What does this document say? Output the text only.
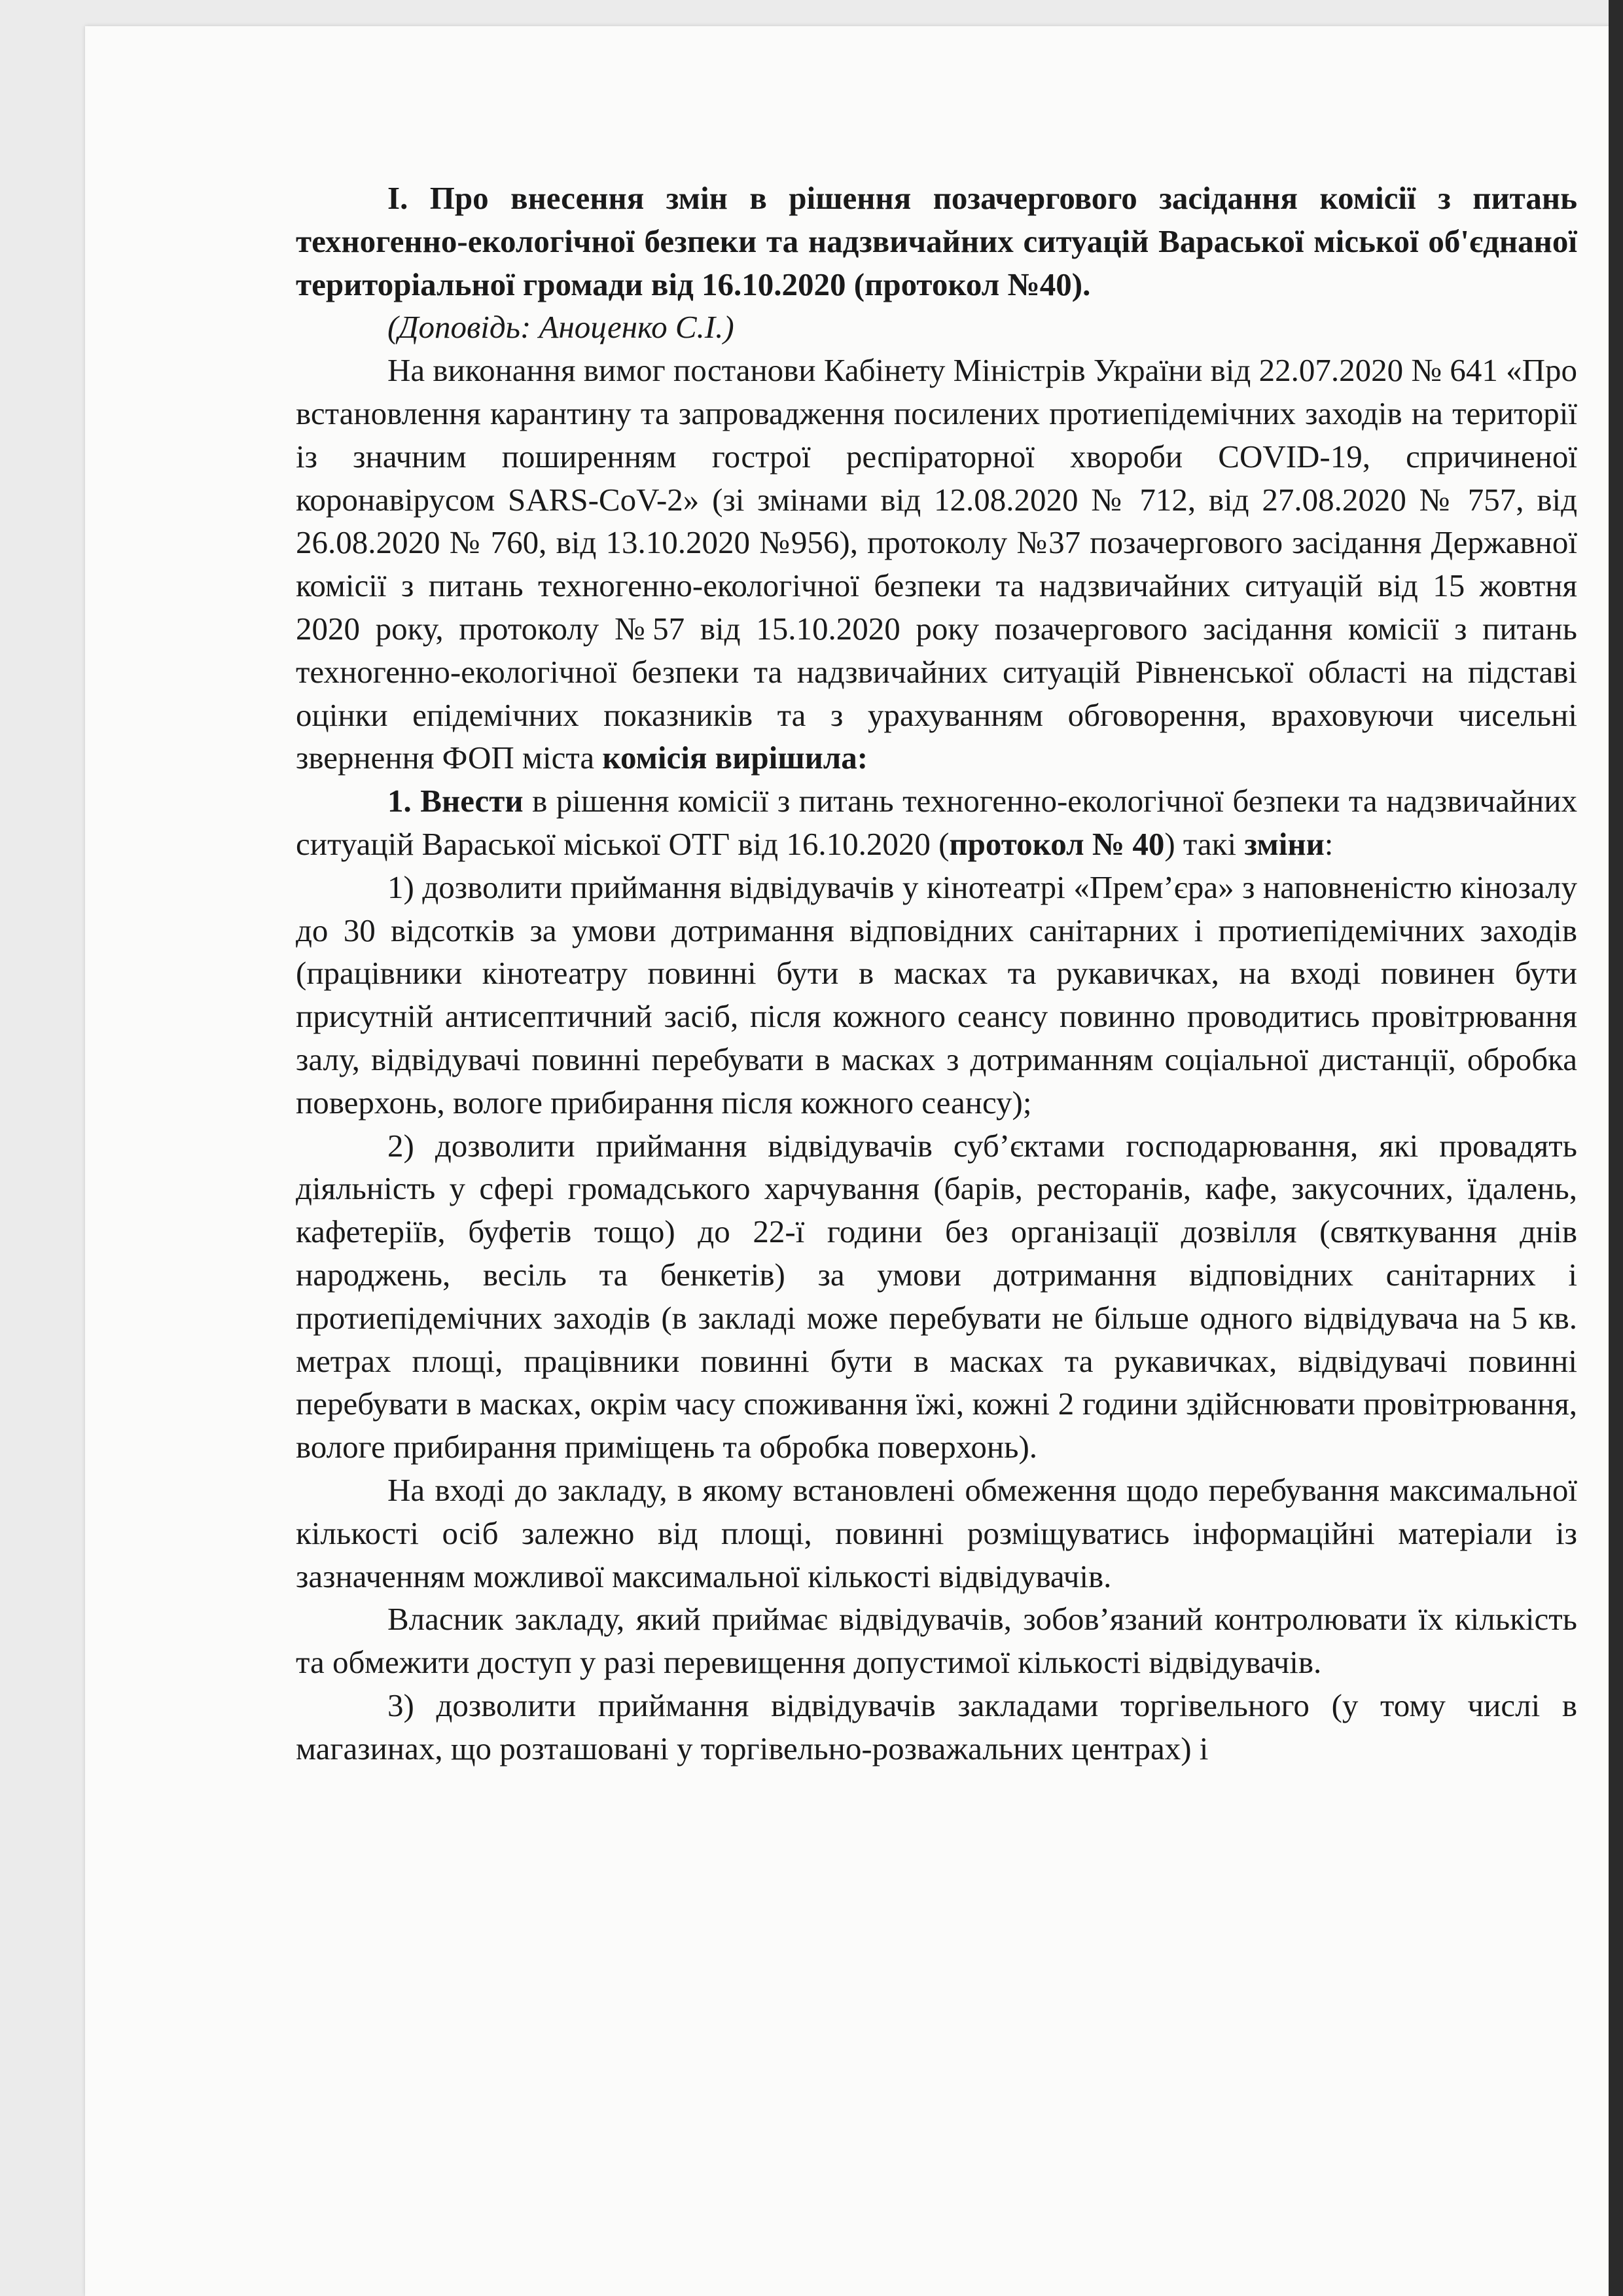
I. Про внесення змін в рішення позачергового засідання комісії з питань техногенно-екологічної безпеки та надзвичайних ситуацій Вараської міської об'єднаної територіальної громади від 16.10.2020 (протокол №40).

(Доповідь: Аноценко С.І.)

На виконання вимог постанови Кабінету Міністрів України від 22.07.2020 № 641 «Про встановлення карантину та запровадження посилених протиепідемічних заходів на території із значним поширенням гострої респіраторної хвороби COVID-19, спричиненої коронавірусом SARS-CoV-2» (зі змінами від 12.08.2020 № 712, від 27.08.2020 № 757, від 26.08.2020 № 760, від 13.10.2020 №956), протоколу №37 позачергового засідання Державної комісії з питань техногенно-екологічної безпеки та надзвичайних ситуацій від 15 жовтня 2020 року, протоколу №57 від 15.10.2020 року позачергового засідання комісії з питань техногенно-екологічної безпеки та надзвичайних ситуацій Рівненської області на підставі оцінки епідемічних показників та з урахуванням обговорення, враховуючи чисельні звернення ФОП міста комісія вирішила:

1. Внести в рішення комісії з питань техногенно-екологічної безпеки та надзвичайних ситуацій Вараської міської ОТГ від 16.10.2020 (протокол № 40) такі зміни:

1) дозволити приймання відвідувачів у кінотеатрі «Прем’єра» з наповненістю кінозалу до 30 відсотків за умови дотримання відповідних санітарних і протиепідемічних заходів (працівники кінотеатру повинні бути в масках та рукавичках, на вході повинен бути присутній антисептичний засіб, після кожного сеансу повинно проводитись провітрювання залу, відвідувачі повинні перебувати в масках з дотриманням соціальної дистанції, обробка поверхонь, вологе прибирання після кожного сеансу);

2) дозволити приймання відвідувачів суб’єктами господарювання, які провадять діяльність у сфері громадського харчування (барів, ресторанів, кафе, закусочних, їдалень, кафетеріїв, буфетів тощо) до 22-ї години без організації дозвілля (святкування днів народжень, весіль та бенкетів) за умови дотримання відповідних санітарних і протиепідемічних заходів (в закладі може перебувати не більше одного відвідувача на 5 кв. метрах площі, працівники повинні бути в масках та рукавичках, відвідувачі повинні перебувати в масках, окрім часу споживання їжі, кожні 2 години здійснювати провітрювання, вологе прибирання приміщень та обробка поверхонь).

На вході до закладу, в якому встановлені обмеження щодо перебування максимальної кількості осіб залежно від площі, повинні розміщуватись інформаційні матеріали із зазначенням можливої максимальної кількості відвідувачів.

Власник закладу, який приймає відвідувачів, зобов’язаний контролювати їх кількість та обмежити доступ у разі перевищення допустимої кількості відвідувачів.

3) дозволити приймання відвідувачів закладами торгівельного (у тому числі в магазинах, що розташовані у торгівельно-розважальних центрах) і
